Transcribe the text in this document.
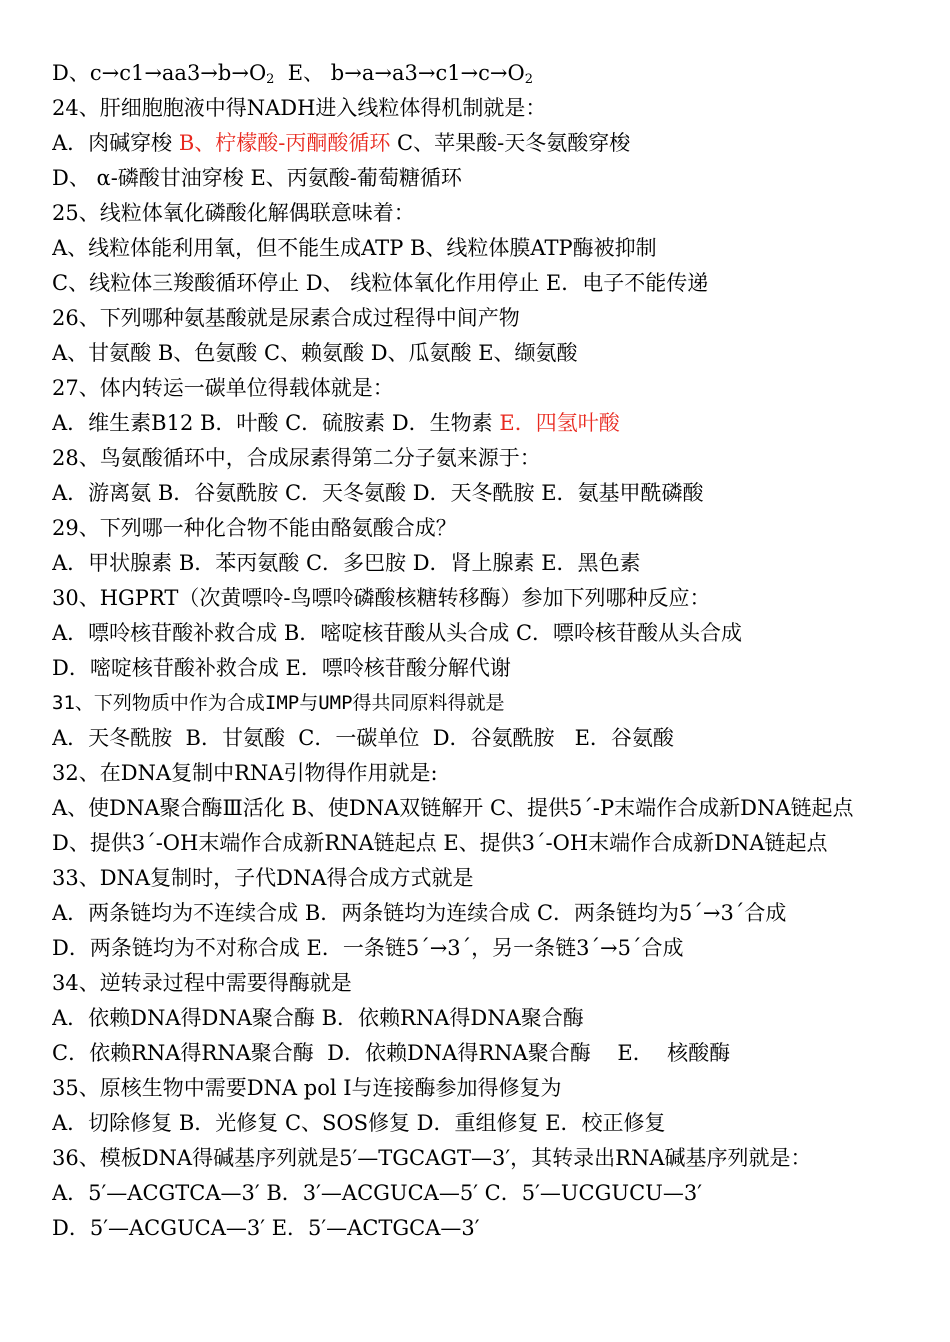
D、$c\to c1\to aa3\to b\to O_2$  E、 $b\to a\to a3\to c1\to c\to O_2$
24、肝细胞胞液中得NADH进入线粒体得机制就是：
A．肉碱穿梭 B、柠檬酸-丙酮酸循环 C、苹果酸-天冬氨酸穿梭
D、 α-磷酸甘油穿梭 E、丙氨酸-葡萄糖循环
25、线粒体氧化磷酸化解偶联意味着：
A、线粒体能利用氧，但不能生成ATP B、线粒体膜ATP酶被抑制
C、线粒体三羧酸循环停止 D、 线粒体氧化作用停止 E．电子不能传递
26、下列哪种氨基酸就是尿素合成过程得中间产物
A、甘氨酸 B、色氨酸 C、赖氨酸 D、瓜氨酸 E、缬氨酸
27、体内转运一碳单位得载体就是：
A．维生素B12 B．叶酸 C．硫胺素 D．生物素 E．四氢叶酸
28、鸟氨酸循环中，合成尿素得第二分子氨来源于：
A．游离氨 B．谷氨酰胺 C．天冬氨酸 D．天冬酰胺 E．氨基甲酰磷酸
29、下列哪一种化合物不能由酪氨酸合成？
A．甲状腺素 B．苯丙氨酸 C．多巴胺 D．肾上腺素 E．黑色素
30、HGPRT（次黄嘌呤-鸟嘌呤磷酸核糖转移酶）参加下列哪种反应：
A．嘌呤核苷酸补救合成 B．嘧啶核苷酸从头合成 C．嘌呤核苷酸从头合成
D．嘧啶核苷酸补救合成 E．嘌呤核苷酸分解代谢
31、下列物质中作为合成IMP与UMP得共同原料得就是
A．天冬酰胺  B．甘氨酸  C．一碳单位  D．谷氨酰胺   E．谷氨酸
32、在DNA复制中RNA引物得作用就是:
A、使DNA聚合酶Ⅲ活化 B、使DNA双链解开 C、提供5´-P末端作合成新DNA链起点
D、提供3´-OH末端作合成新RNA链起点 E、提供3´-OH末端作合成新DNA链起点
33、DNA复制时，子代DNA得合成方式就是
A．两条链均为不连续合成 B．两条链均为连续合成 C．两条链均为5´→3´合成
D．两条链均为不对称合成 E．一条链5´→3´，另一条链3´→5´合成
34、逆转录过程中需要得酶就是
A．依赖DNA得DNA聚合酶 B．依赖RNA得DNA聚合酶
C．依赖RNA得RNA聚合酶  D．依赖DNA得RNA聚合酶    E．  核酸酶
35、原核生物中需要DNA pol I与连接酶参加得修复为
A．切除修复 B．光修复 C、SOS修复 D．重组修复 E．校正修复
36、模板DNA得碱基序列就是5′—TGCAGT—3′，其转录出RNA碱基序列就是：
A．5′—ACGTCA—3′ B．3′—ACGUCA—5′ C．5′—UCGUCU—3′
D．5′—ACGUCA—3′ E．5′—ACTGCA—3′
